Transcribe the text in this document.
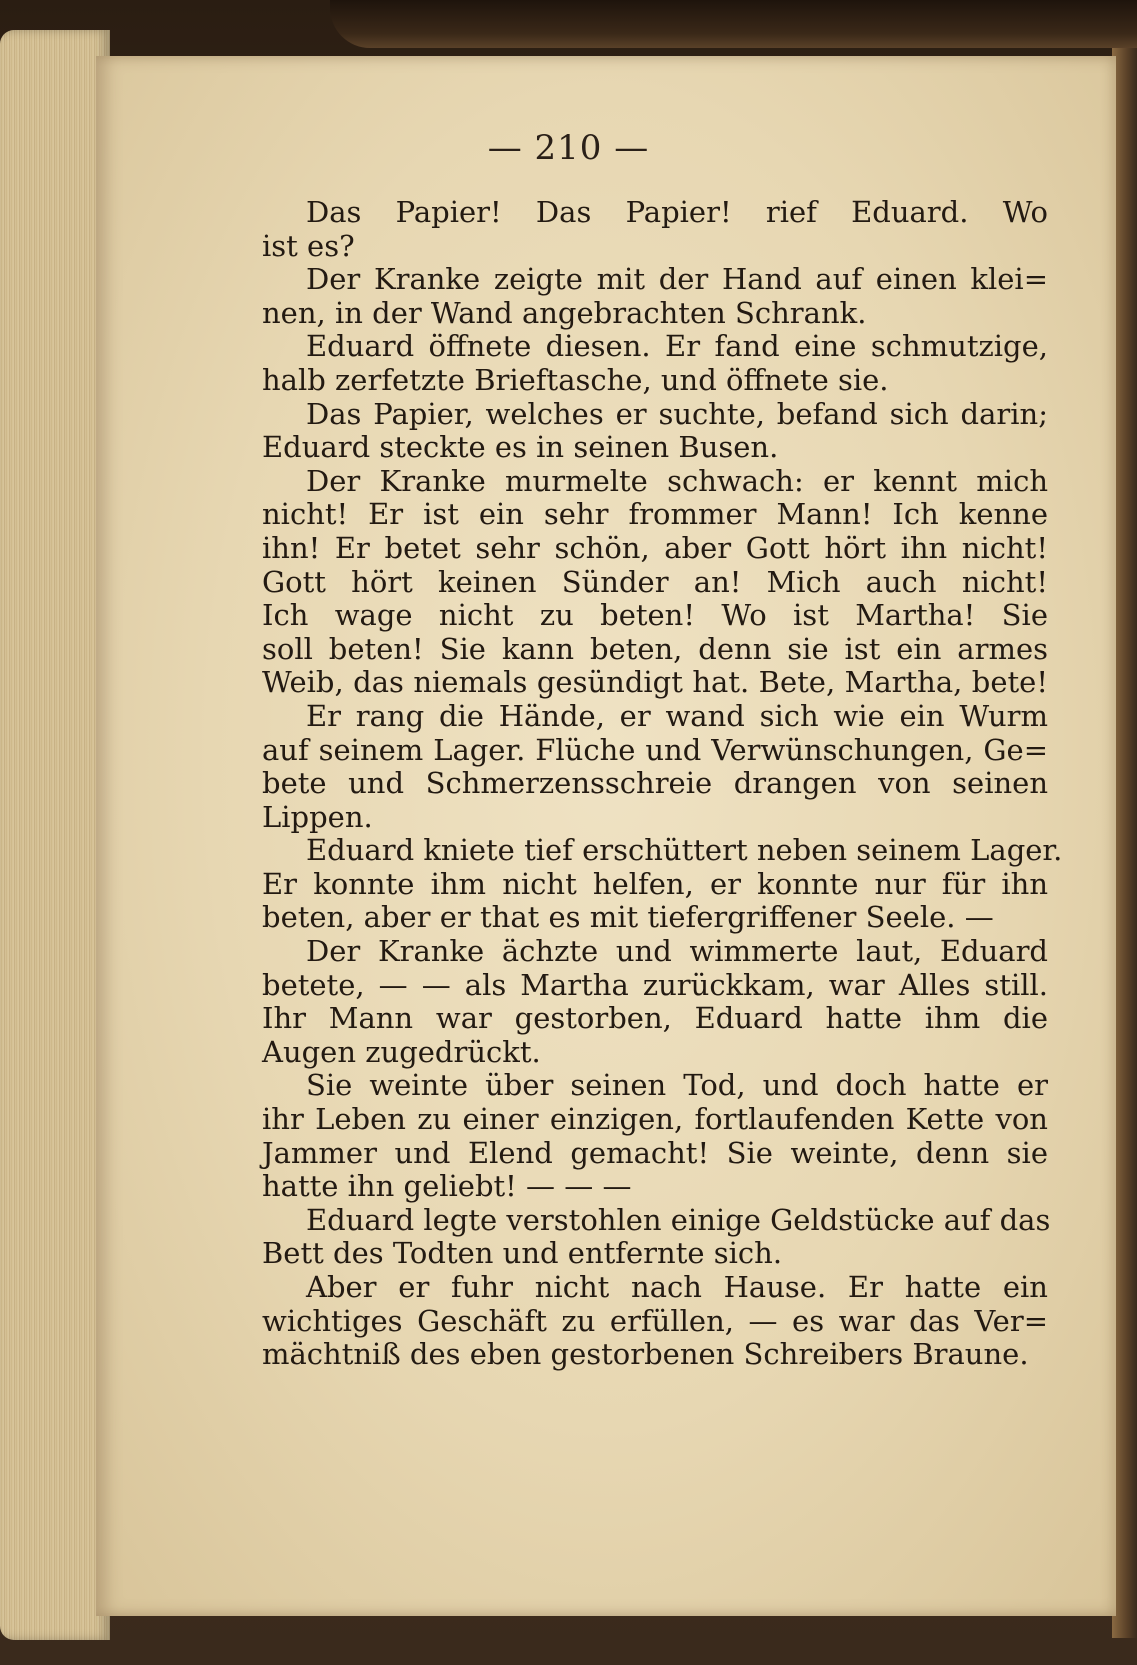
— 210 —
Das Papier! Das Papier! rief Eduard. Wo
ist es?
Der Kranke zeigte mit der Hand auf einen klei=
nen, in der Wand angebrachten Schrank.
Eduard öffnete diesen. Er fand eine schmutzige,
halb zerfetzte Brieftasche, und öffnete sie.
Das Papier, welches er suchte, befand sich darin;
Eduard steckte es in seinen Busen.
Der Kranke murmelte schwach: er kennt mich
nicht! Er ist ein sehr frommer Mann! Ich kenne
ihn! Er betet sehr schön, aber Gott hört ihn nicht!
Gott hört keinen Sünder an! Mich auch nicht!
Ich wage nicht zu beten! Wo ist Martha! Sie
soll beten! Sie kann beten, denn sie ist ein armes
Weib, das niemals gesündigt hat. Bete, Martha, bete!
Er rang die Hände, er wand sich wie ein Wurm
auf seinem Lager. Flüche und Verwünschungen, Ge=
bete und Schmerzensschreie drangen von seinen
Lippen.
Eduard kniete tief erschüttert neben seinem Lager.
Er konnte ihm nicht helfen, er konnte nur für ihn
beten, aber er that es mit tiefergriffener Seele. —
Der Kranke ächzte und wimmerte laut, Eduard
betete, — — als Martha zurückkam, war Alles still.
Ihr Mann war gestorben, Eduard hatte ihm die
Augen zugedrückt.
Sie weinte über seinen Tod, und doch hatte er
ihr Leben zu einer einzigen, fortlaufenden Kette von
Jammer und Elend gemacht! Sie weinte, denn sie
hatte ihn geliebt! — — —
Eduard legte verstohlen einige Geldstücke auf das
Bett des Todten und entfernte sich.
Aber er fuhr nicht nach Hause. Er hatte ein
wichtiges Geschäft zu erfüllen, — es war das Ver=
mächtniß des eben gestorbenen Schreibers Braune.
